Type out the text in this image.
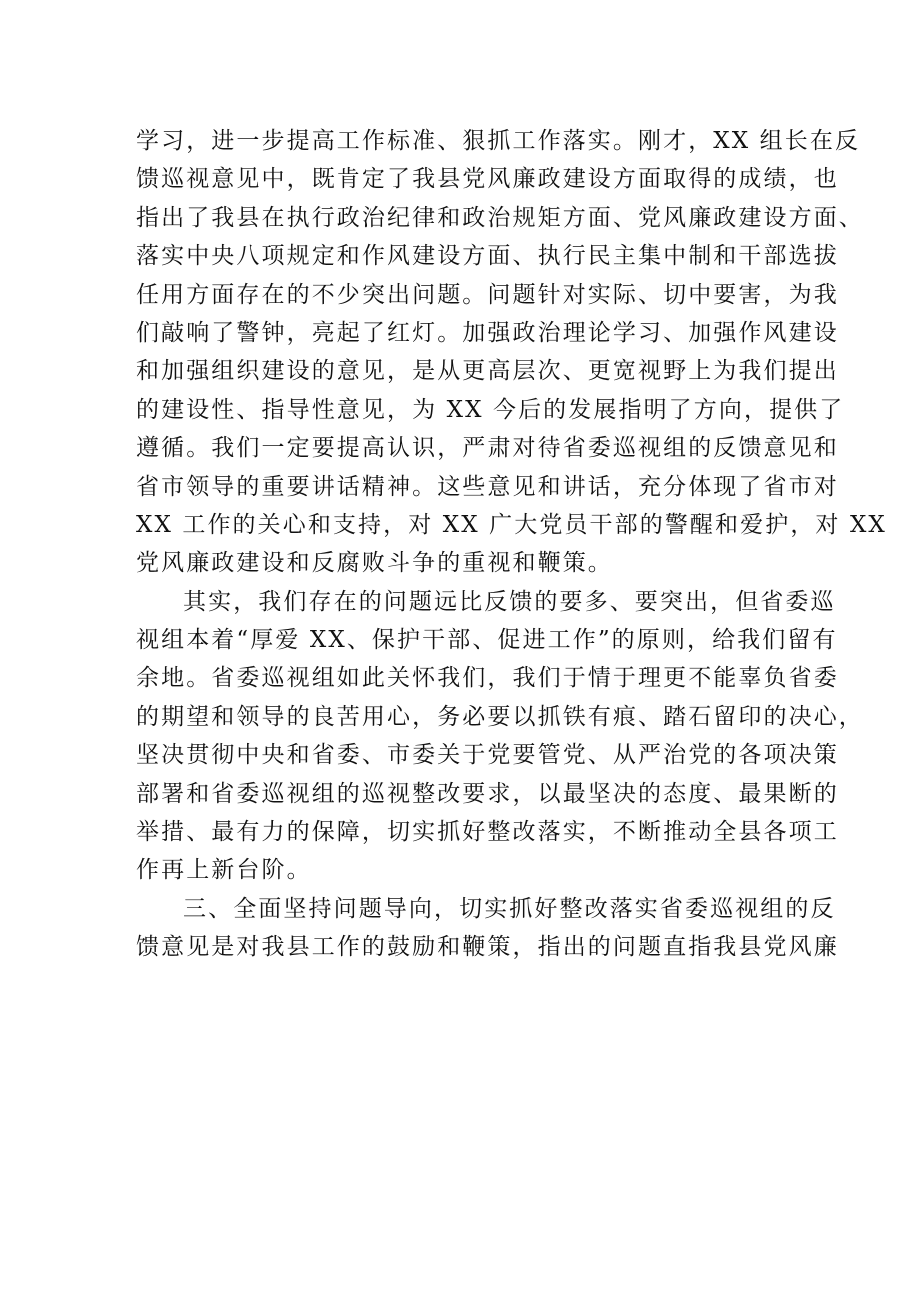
学习，进一步提高工作标准、狠抓工作落实。刚才，XX 组长在反
馈巡视意见中，既肯定了我县党风廉政建设方面取得的成绩，也
指出了我县在执行政治纪律和政治规矩方面、党风廉政建设方面、
落实中央八项规定和作风建设方面、执行民主集中制和干部选拔
任用方面存在的不少突出问题。问题针对实际、切中要害，为我
们敲响了警钟，亮起了红灯。加强政治理论学习、加强作风建设
和加强组织建设的意见，是从更高层次、更宽视野上为我们提出
的建设性、指导性意见，为 XX 今后的发展指明了方向，提供了
遵循。我们一定要提高认识，严肃对待省委巡视组的反馈意见和
省市领导的重要讲话精神。这些意见和讲话，充分体现了省市对
XX 工作的关心和支持，对 XX 广大党员干部的警醒和爱护，对 XX
党风廉政建设和反腐败斗争的重视和鞭策。
其实，我们存在的问题远比反馈的要多、要突出，但省委巡
视组本着“厚爱 XX、保护干部、促进工作”的原则，给我们留有
余地。省委巡视组如此关怀我们，我们于情于理更不能辜负省委
的期望和领导的良苦用心，务必要以抓铁有痕、踏石留印的决心，
坚决贯彻中央和省委、市委关于党要管党、从严治党的各项决策
部署和省委巡视组的巡视整改要求，以最坚决的态度、最果断的
举措、最有力的保障，切实抓好整改落实，不断推动全县各项工
作再上新台阶。
三、全面坚持问题导向，切实抓好整改落实省委巡视组的反
馈意见是对我县工作的鼓励和鞭策，指出的问题直指我县党风廉
